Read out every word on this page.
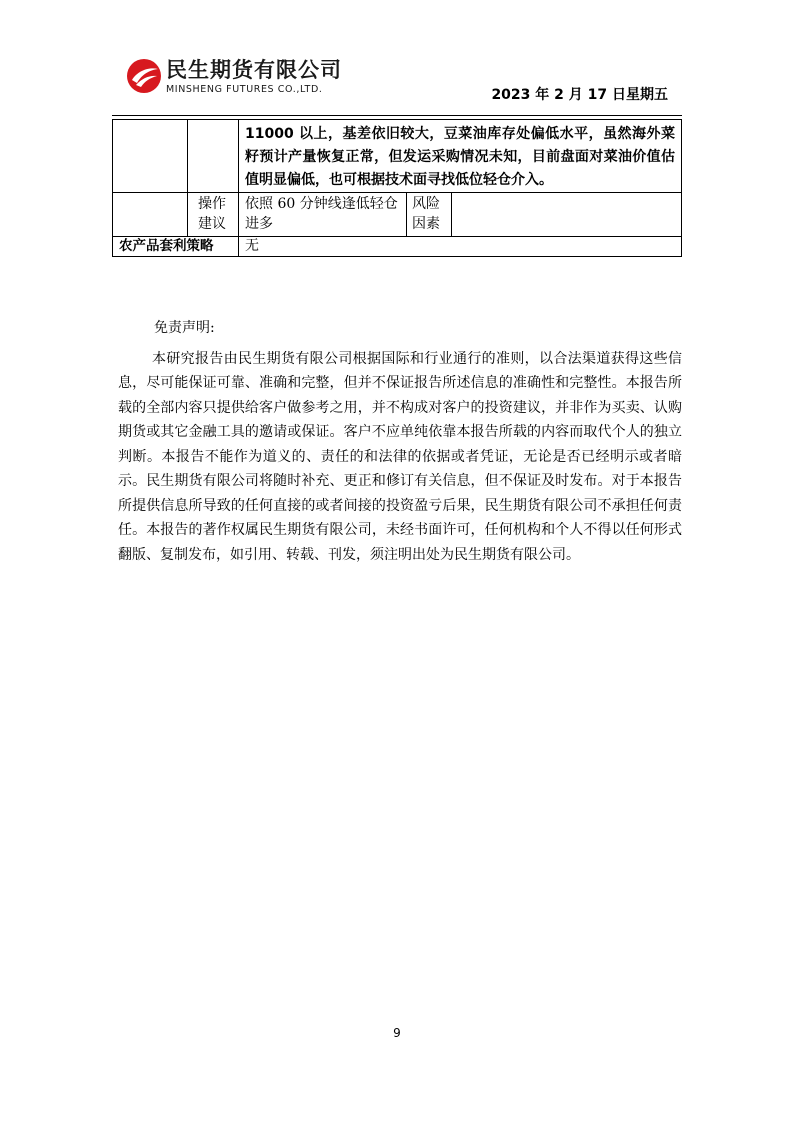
民生期货有限公司
MINSHENG FUTURES CO.,LTD.	2023 年 2 月 17 日星期五
11000 以上，基差依旧较大，豆菜油库存处偏低水平，虽然海外菜籽预计产量恢复正常，但发运采购情况未知，目前盘面对菜油价值估值明显偏低，也可根据技术面寻找低位轻仓介入。
操作建议
依照 60 分钟线逢低轻仓进多
风险因素
农产品套利策略	无
免责声明:

本研究报告由民生期货有限公司根据国际和行业通行的准则，以合法渠道获得这些信息，尽可能保证可靠、准确和完整，但并不保证报告所述信息的准确性和完整性。本报告所载的全部内容只提供给客户做参考之用，并不构成对客户的投资建议，并非作为买卖、认购期货或其它金融工具的邀请或保证。客户不应单纯依靠本报告所载的内容而取代个人的独立判断。本报告不能作为道义的、责任的和法律的依据或者凭证，无论是否已经明示或者暗示。民生期货有限公司将随时补充、更正和修订有关信息，但不保证及时发布。对于本报告所提供信息所导致的任何直接的或者间接的投资盈亏后果，民生期货有限公司不承担任何责任。本报告的著作权属民生期货有限公司，未经书面许可，任何机构和个人不得以任何形式翻版、复制发布，如引用、转载、刊发，须注明出处为民生期货有限公司。

9
